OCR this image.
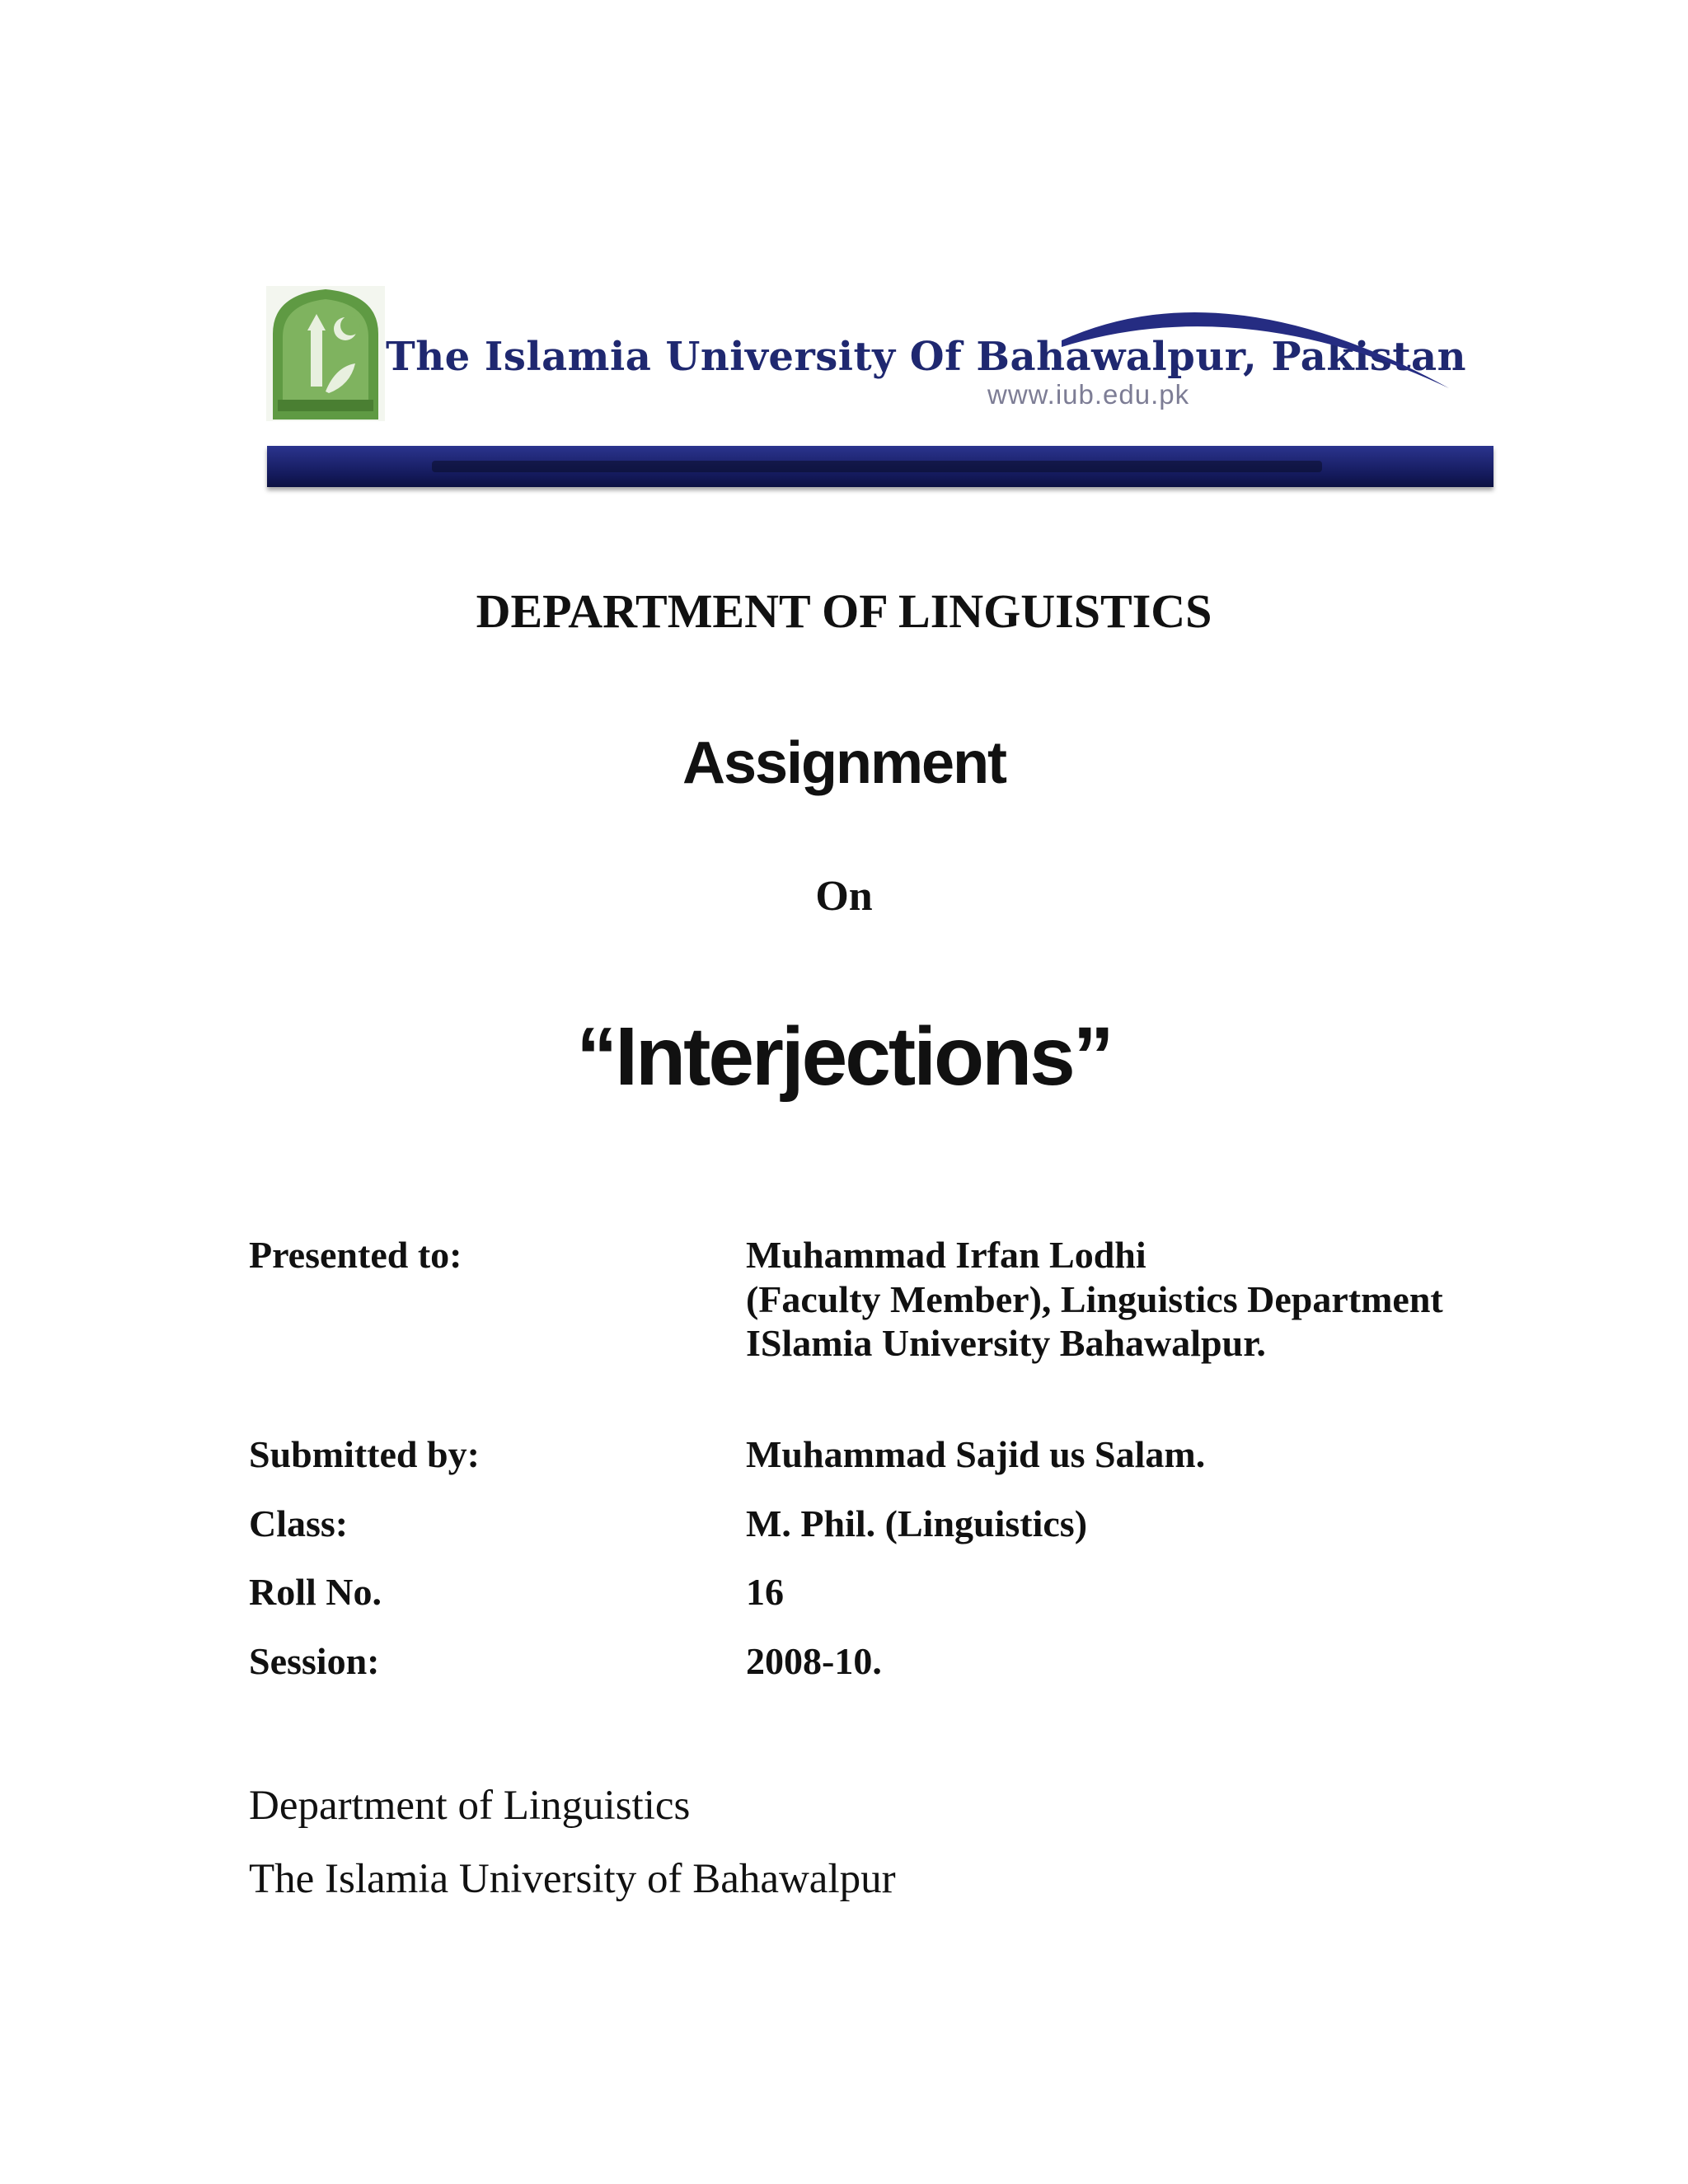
The Islamia University Of Bahawalpur, Pakistan
www.iub.edu.pk
DEPARTMENT OF LINGUISTICS
Assignment
On
“Interjections”
Presented to:	Muhammad Irfan Lodhi
(Faculty Member), Linguistics Department
ISlamia University Bahawalpur.
Submitted by:	Muhammad Sajid us Salam.
Class:	M. Phil. (Linguistics)
Roll No.	16
Session:	2008-10.
Department of Linguistics
The Islamia University of Bahawalpur
